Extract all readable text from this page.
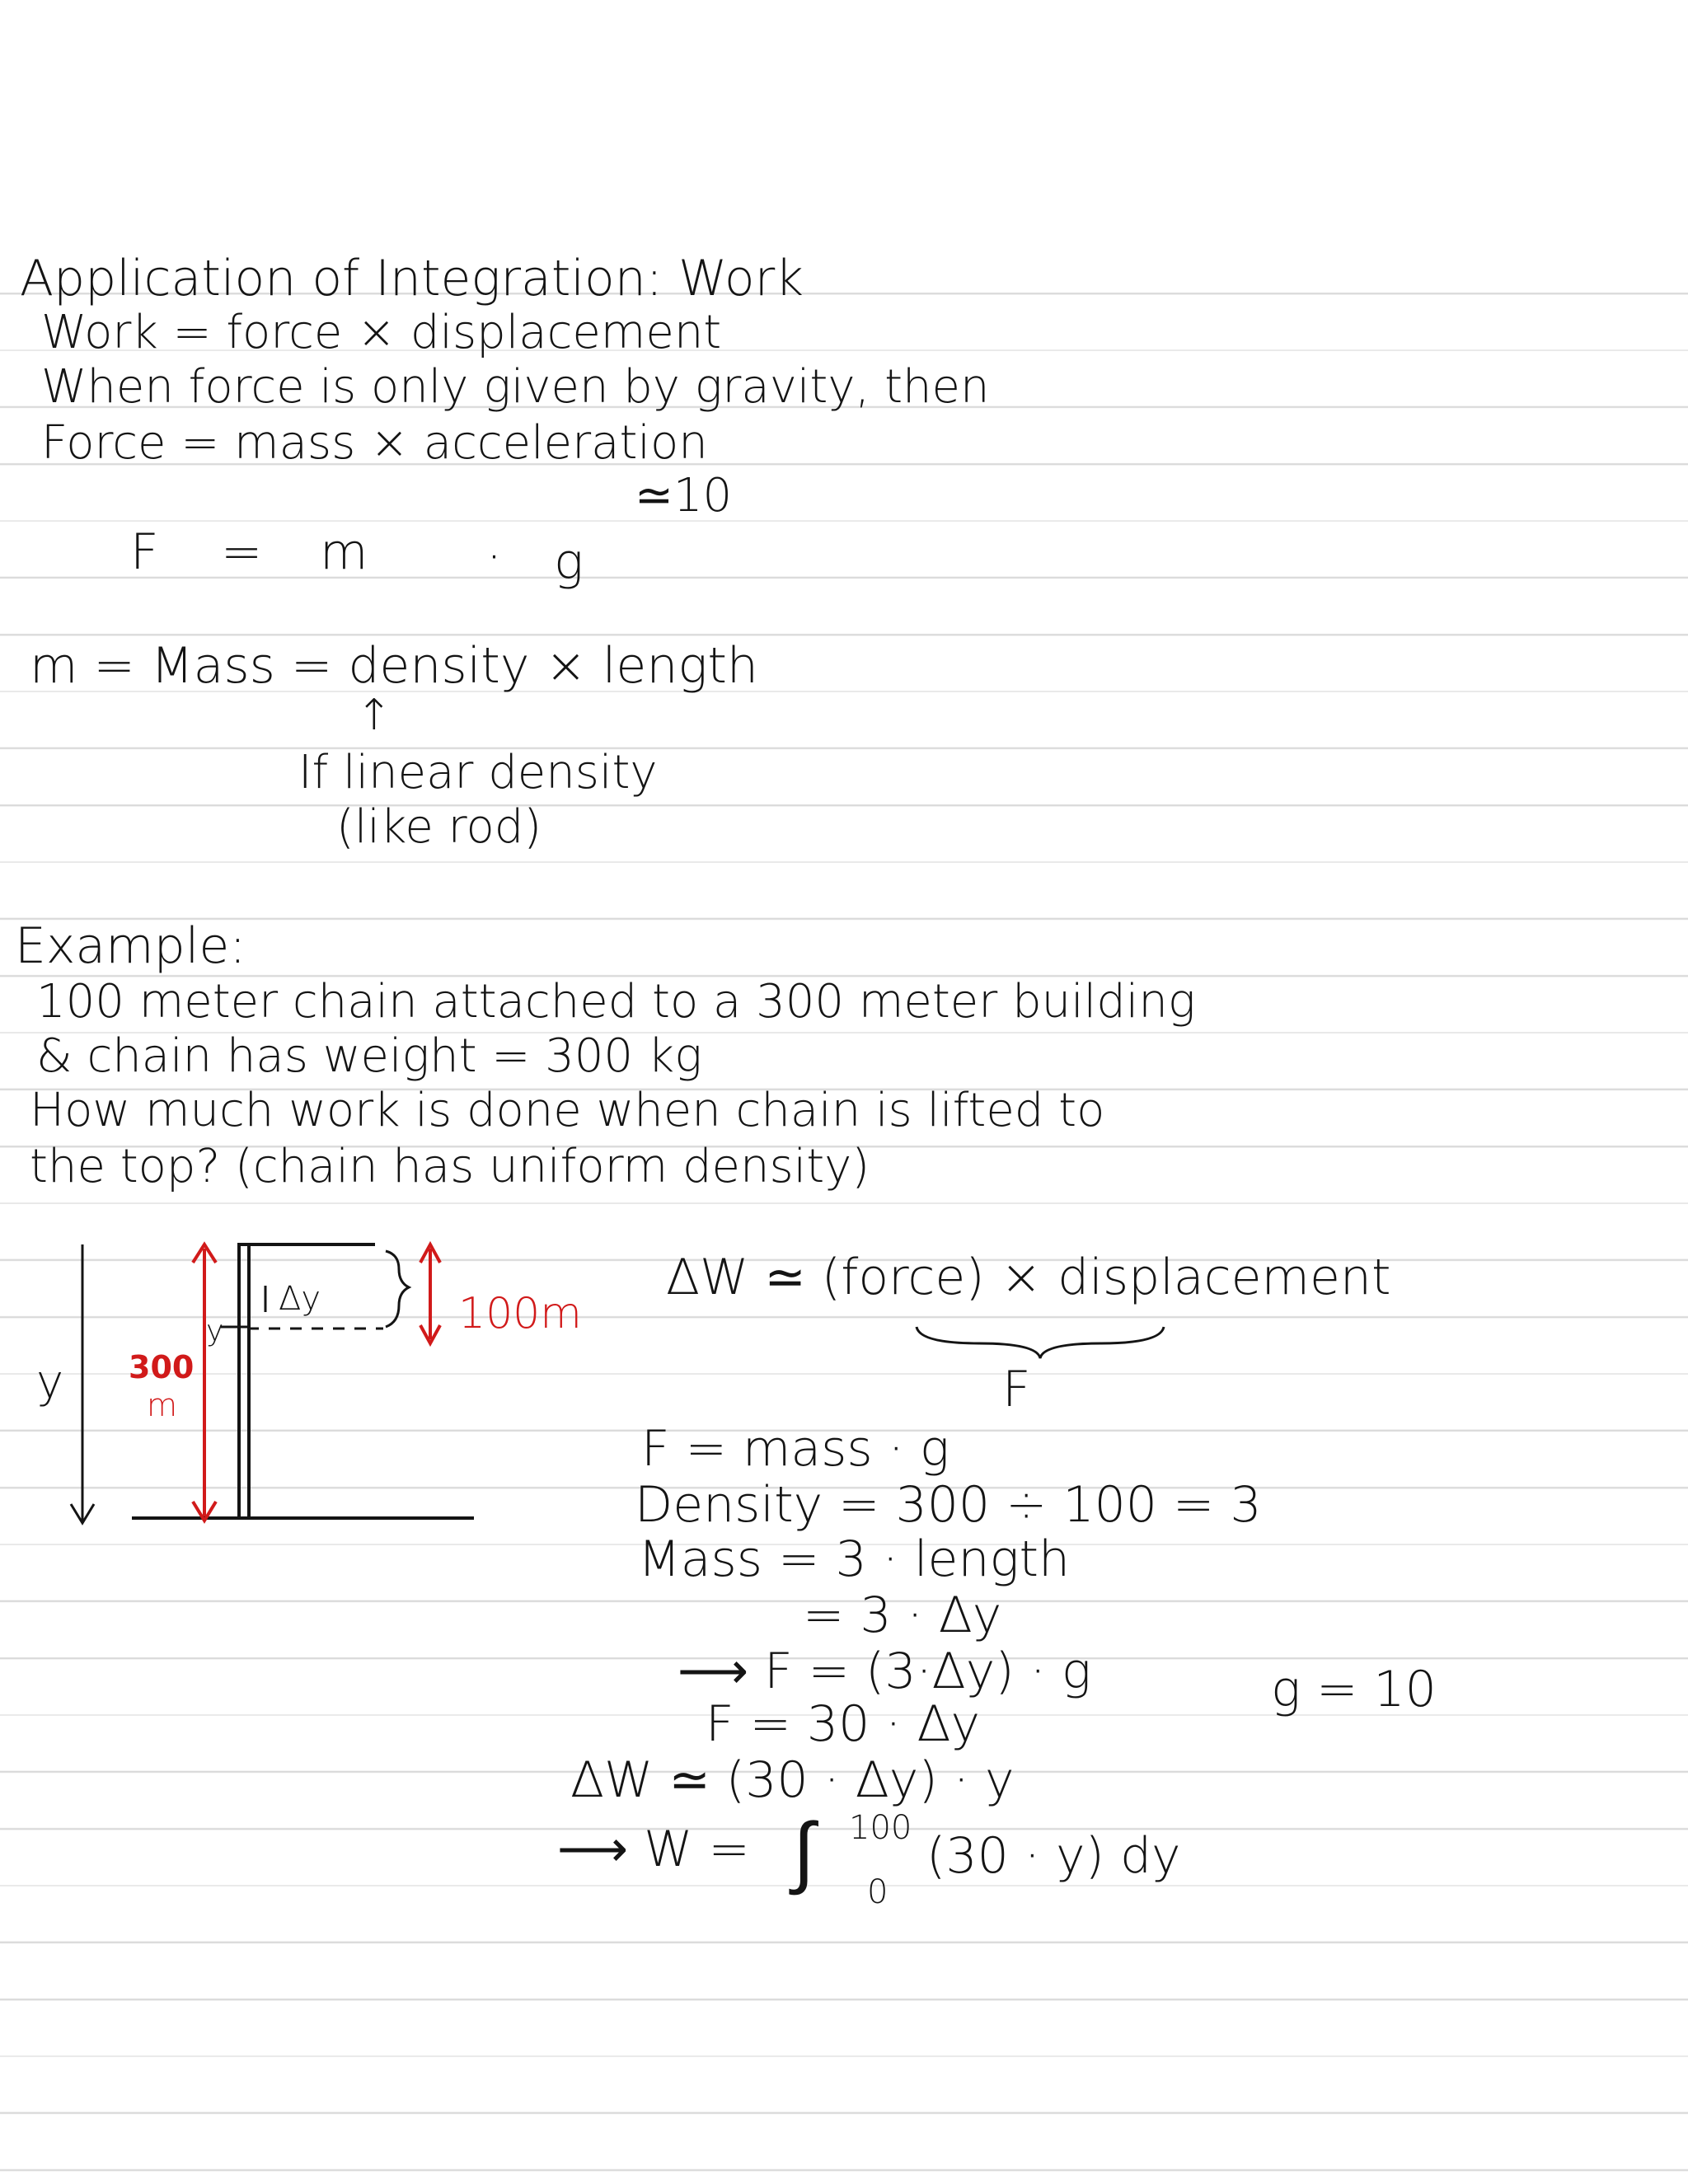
Application of Integration: Work
Work = force × displacement
When force is only given by gravity, then
Force = mass × acceleration
≃10
F = m · g
m = Mass = density × length
↑
If linear density
(like rod)
Example:
100 meter chain attached to a 300 meter building
& chain has weight = 300 kg
How much work is done when chain is lifted to
the top? (chain has uniform density)
y 300
m
Δy
y	100m
ΔW ≃ (force) × displacement
F
F = mass · g
Density = 300 ÷ 100 = 3
Mass = 3 · length
= 3 · Δy
⟶ F = (3·Δy) · g	g = 10
F = 30 · Δy
ΔW ≃ (30 · Δy) · y
⟶ W = ∫ 100
0
(30 · y) dy
